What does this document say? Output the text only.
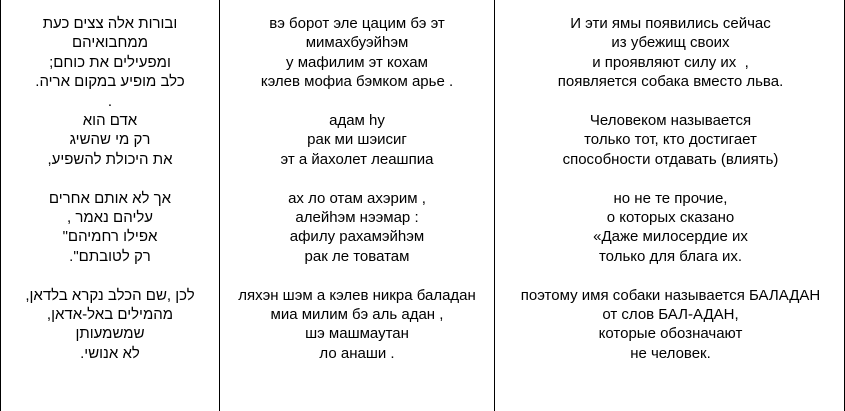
ובורות אלה צצים כעת
ממחבואיהם
ומפעילים את כוחם;
כלב מופיע במקום אריה.
.
אדם הוא
רק מי שהשיג
את היכולת להשפיע,
אך לא אותם אחרים
עליהם נאמר ,
אפילו רחמיהם"
רק לטובתם".
לכן ,שם הכלב נקרא בלדאן,
מהמילים באל-אדאן,
שמשמעותן
לא אנושי.
вэ борот эле цацим бэ эт
мимахбуэйhэм
у мафилим эт кохам
кэлев мофиа бэмком арье .
адам hу
рак ми шэисиг
эт а йахолет леашпиа
ах ло отам ахэрим ,
алейhэм нээмар :
афилу рахамэйhэм
рак ле товатам
ляхэн шэм а кэлев никра баладан
миа милим бэ аль адан ,
шэ машмаутан
ло анаши .
И эти ямы появились сейчас
из убежищ своих
и проявляют силу их  ,
появляется собака вместо льва.
Человеком называется
только тот, кто достигает
способности отдавать (влиять)
но не те прочие,
о которых сказано
«Даже милосердие их
только для блага их.
поэтому имя собаки называется БАЛАДАН
от слов БАЛ-АДАН,
которые обозначают
не человек.
